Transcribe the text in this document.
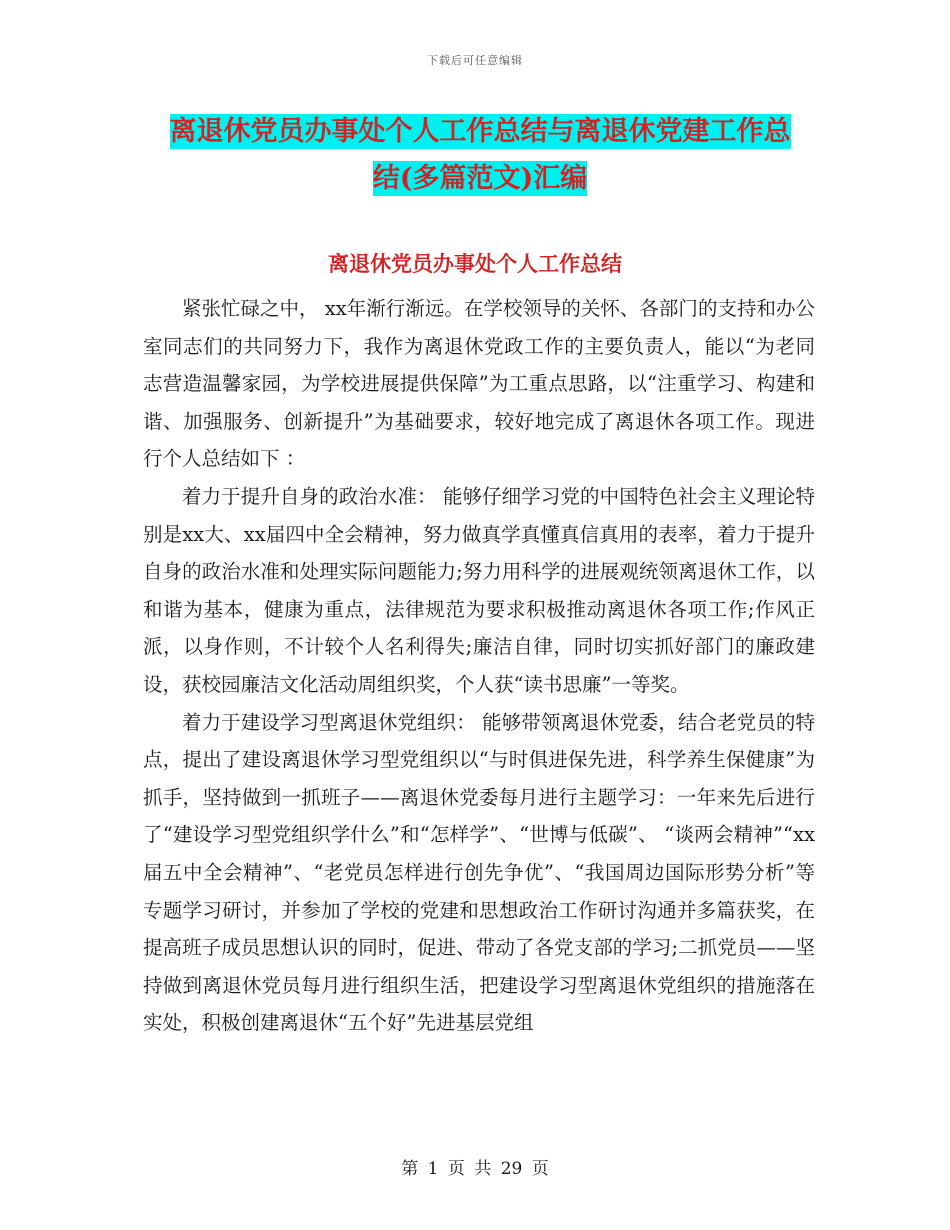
下载后可任意编辑
离退休党员办事处个人工作总结与离退休党建工作总
结(多篇范文)汇编
离退休党员办事处个人工作总结

紧张忙碌之中， xx年渐行渐远。在学校领导的关怀、各部门的支持和办公室同志们的共同努力下，我作为离退休党政工作的主要负责人，能以“为老同志营造温馨家园，为学校进展提供保障”为工重点思路，以“注重学习、构建和谐、加强服务、创新提升”为基础要求，较好地完成了离退休各项工作。现进行个人总结如下 ：

着力于提升自身的政治水准： 能够仔细学习党的中国特色社会主义理论特别是xx大、xx届四中全会精神，努力做真学真懂真信真用的表率，着力于提升自身的政治水准和处理实际问题能力;努力用科学的进展观统领离退休工作，以和谐为基本，健康为重点，法律规范为要求积极推动离退休各项工作;作风正派，以身作则，不计较个人名利得失;廉洁自律，同时切实抓好部门的廉政建设，获校园廉洁文化活动周组织奖，个人获“读书思廉”一等奖。

着力于建设学习型离退休党组织： 能够带领离退休党委，结合老党员的特点，提出了建设离退休学习型党组织以“与时俱进保先进，科学养生保健康”为抓手，坚持做到一抓班子——离退休党委每月进行主题学习：一年来先后进行了“建设学习型党组织学什么”和“怎样学”、“世博与低碳”、 “谈两会精神”“xx届五中全会精神”、“老党员怎样进行创先争优”、“我国周边国际形势分析”等专题学习研讨，并参加了学校的党建和思想政治工作研讨沟通并多篇获奖，在提高班子成员思想认识的同时，促进、带动了各党支部的学习;二抓党员——坚持做到离退休党员每月进行组织生活，把建设学习型离退休党组织的措施落在实处，积极创建离退休“五个好”先进基层党组

第 1 页 共 29 页
